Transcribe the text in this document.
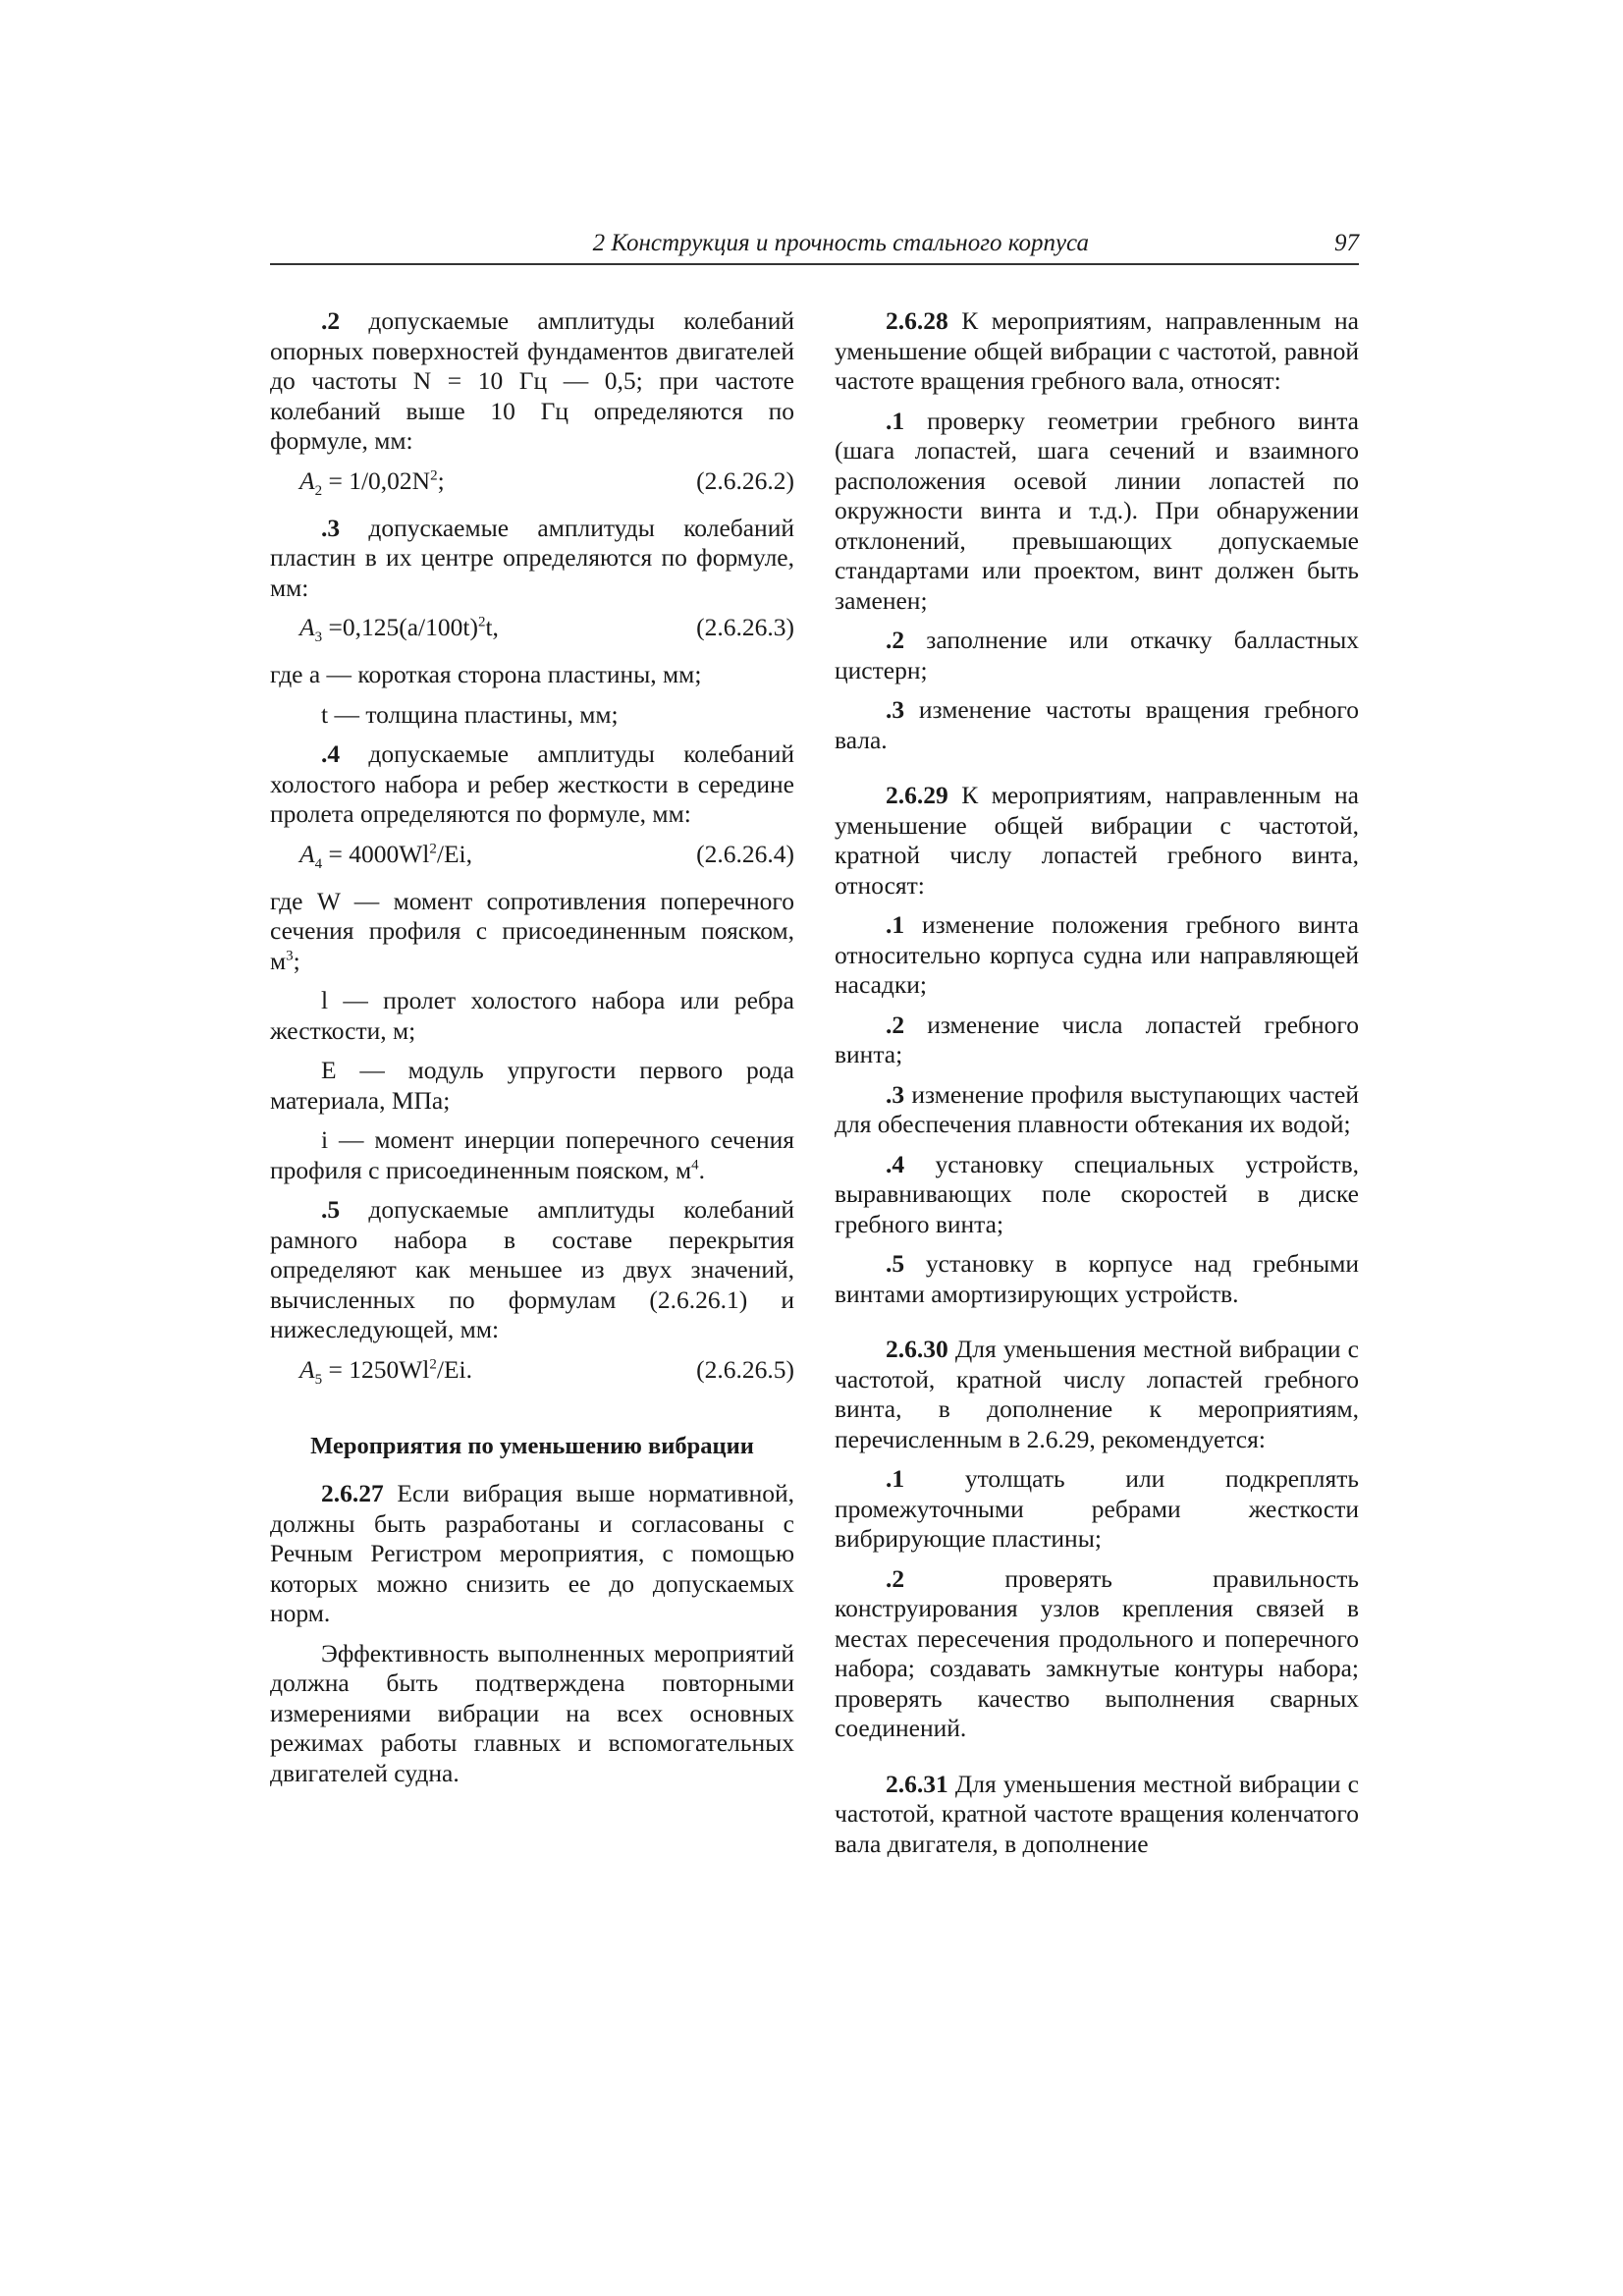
2 Конструкция и прочность стального корпуса	97

.2 допускаемые амплитуды колебаний опорных поверхностей фундаментов двигателей до частоты N = 10 Гц — 0,5; при частоте колебаний выше 10 Гц определяются по формуле, мм:

$A_2 = 1/0,02N^2$;	(2.6.26.2)

.3 допускаемые амплитуды колебаний пластин в их центре определяются по формуле, мм:

$A_3 =0,125(a/100t)^2t$,	(2.6.26.3)

где a — короткая сторона пластины, мм;

t — толщина пластины, мм;

.4 допускаемые амплитуды колебаний холостого набора и ребер жесткости в середине пролета определяются по формуле, мм:

$A_4 = 4000Wl^2/Ei$,	(2.6.26.4)

где W — момент сопротивления поперечного сечения профиля с присоединенным пояском, $м^3$;

l — пролет холостого набора или ребра жесткости, м;

E — модуль упругости первого рода материала, МПа;

i — момент инерции поперечного сечения профиля с присоединенным пояском, $м^4$.

.5 допускаемые амплитуды колебаний рамного набора в составе перекрытия определяют как меньшее из двух значений, вычисленных по формулам (2.6.26.1) и нижеследующей, мм:

$A_5 = 1250Wl^2/Ei$.	(2.6.26.5)
Мероприятия по уменьшению вибрации

2.6.27 Если вибрация выше нормативной, должны быть разработаны и согласованы с Речным Регистром мероприятия, с помощью которых можно снизить ее до допускаемых норм.

Эффективность выполненных мероприятий должна быть подтверждена повторными измерениями вибрации на всех основных режимах работы главных и вспомогательных двигателей судна.

2.6.28 К мероприятиям, направленным на уменьшение общей вибрации с частотой, равной частоте вращения гребного вала, относят:

.1 проверку геометрии гребного винта (шага лопастей, шага сечений и взаимного расположения осевой линии лопастей по окружности винта и т.д.). При обнаружении отклонений, превышающих допускаемые стандартами или проектом, винт должен быть заменен;

.2 заполнение или откачку балластных цистерн;

.3 изменение частоты вращения гребного вала.

2.6.29 К мероприятиям, направленным на уменьшение общей вибрации с частотой, кратной числу лопастей гребного винта, относят:

.1 изменение положения гребного винта относительно корпуса судна или направляющей насадки;

.2 изменение числа лопастей гребного винта;

.3 изменение профиля выступающих частей для обеспечения плавности обтекания их водой;

.4 установку специальных устройств, выравнивающих поле скоростей в диске гребного винта;

.5 установку в корпусе над гребными винтами амортизирующих устройств.

2.6.30 Для уменьшения местной вибрации с частотой, кратной числу лопастей гребного винта, в дополнение к мероприятиям, перечисленным в 2.6.29, рекомендуется:

.1 утолщать или подкреплять промежуточными ребрами жесткости вибрирующие пластины;

.2 проверять правильность конструирования узлов крепления связей в местах пересечения продольного и поперечного набора; создавать замкнутые контуры набора; проверять качество выполнения сварных соединений.

2.6.31 Для уменьшения местной вибрации с частотой, кратной частоте вращения коленчатого вала двигателя, в дополнение
